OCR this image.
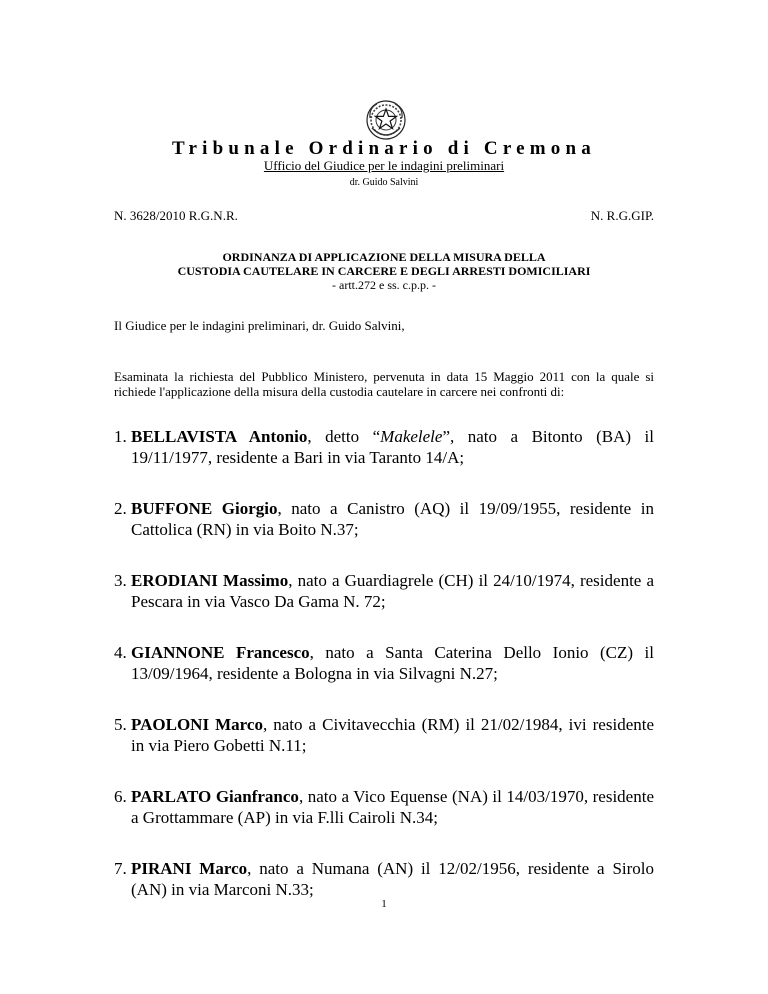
Tribunale Ordinario di Cremona
Ufficio del Giudice per le indagini preliminari
dr. Guido Salvini
N. 3628/2010 R.G.N.R.	N. R.G.GIP.
ORDINANZA DI APPLICAZIONE DELLA MISURA DELLA
CUSTODIA CAUTELARE IN CARCERE E DEGLI ARRESTI DOMICILIARI
- artt.272 e ss. c.p.p. -
Il Giudice per le indagini preliminari, dr. Guido Salvini,
Esaminata la richiesta del Pubblico Ministero, pervenuta in data 15 Maggio 2011 con la quale si richiede l'applicazione della misura della custodia cautelare in carcere nei confronti di:
1. BELLAVISTA Antonio, detto “Makelele”, nato a Bitonto (BA) il 19/11/1977, residente a Bari in via Taranto 14/A;
2. BUFFONE Giorgio, nato a Canistro (AQ) il 19/09/1955, residente in Cattolica (RN) in via Boito N.37;
3. ERODIANI Massimo, nato a Guardiagrele (CH) il 24/10/1974, residente a Pescara in via Vasco Da Gama N. 72;
4. GIANNONE Francesco, nato a Santa Caterina Dello Ionio (CZ) il 13/09/1964, residente a Bologna in via Silvagni N.27;
5. PAOLONI Marco, nato a Civitavecchia (RM) il 21/02/1984, ivi residente in via Piero Gobetti N.11;
6. PARLATO Gianfranco, nato a Vico Equense (NA) il 14/03/1970, residente a Grottammare (AP) in via F.lli Cairoli N.34;
7. PIRANI Marco, nato a Numana (AN) il 12/02/1956, residente a Sirolo (AN) in via Marconi N.33;
1
